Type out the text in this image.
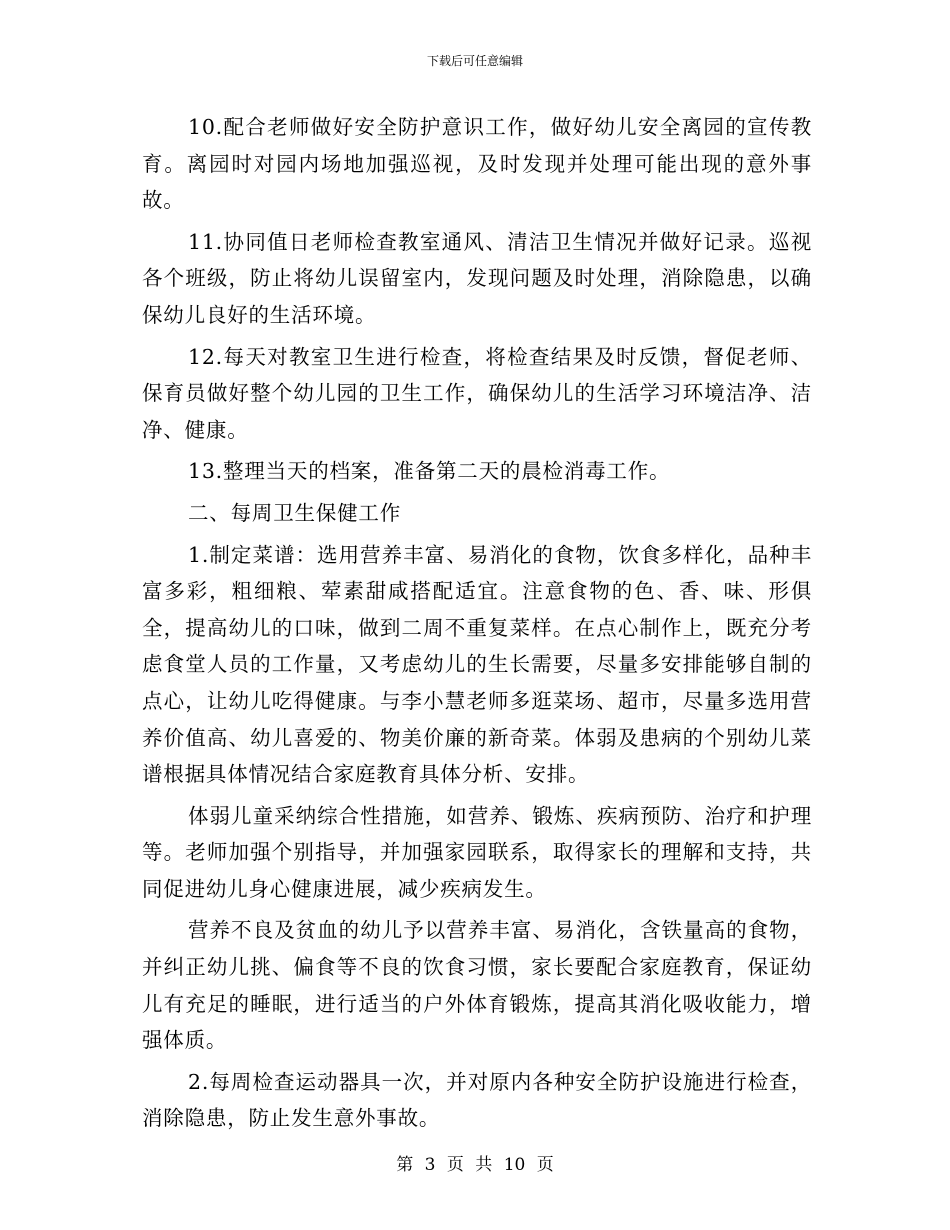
下载后可任意编辑

10.配合老师做好安全防护意识工作，做好幼儿安全离园的宣传教育。离园时对园内场地加强巡视，及时发现并处理可能出现的意外事故。

11.协同值日老师检查教室通风、清洁卫生情况并做好记录。巡视各个班级，防止将幼儿误留室内，发现问题及时处理，消除隐患，以确保幼儿良好的生活环境。

12.每天对教室卫生进行检查，将检查结果及时反馈，督促老师、保育员做好整个幼儿园的卫生工作，确保幼儿的生活学习环境洁净、洁净、健康。

13.整理当天的档案，准备第二天的晨检消毒工作。

二、每周卫生保健工作

1.制定菜谱：选用营养丰富、易消化的食物，饮食多样化，品种丰富多彩，粗细粮、荤素甜咸搭配适宜。注意食物的色、香、味、形俱全，提高幼儿的口味，做到二周不重复菜样。在点心制作上，既充分考虑食堂人员的工作量，又考虑幼儿的生长需要，尽量多安排能够自制的点心，让幼儿吃得健康。与李小慧老师多逛菜场、超市，尽量多选用营养价值高、幼儿喜爱的、物美价廉的新奇菜。体弱及患病的个别幼儿菜谱根据具体情况结合家庭教育具体分析、安排。

体弱儿童采纳综合性措施，如营养、锻炼、疾病预防、治疗和护理等。老师加强个别指导，并加强家园联系，取得家长的理解和支持，共同促进幼儿身心健康进展，减少疾病发生。

营养不良及贫血的幼儿予以营养丰富、易消化，含铁量高的食物，并纠正幼儿挑、偏食等不良的饮食习惯，家长要配合家庭教育，保证幼儿有充足的睡眠，进行适当的户外体育锻炼，提高其消化吸收能力，增强体质。

2.每周检查运动器具一次，并对原内各种安全防护设施进行检查，消除隐患，防止发生意外事故。

第 3 页 共 10 页
